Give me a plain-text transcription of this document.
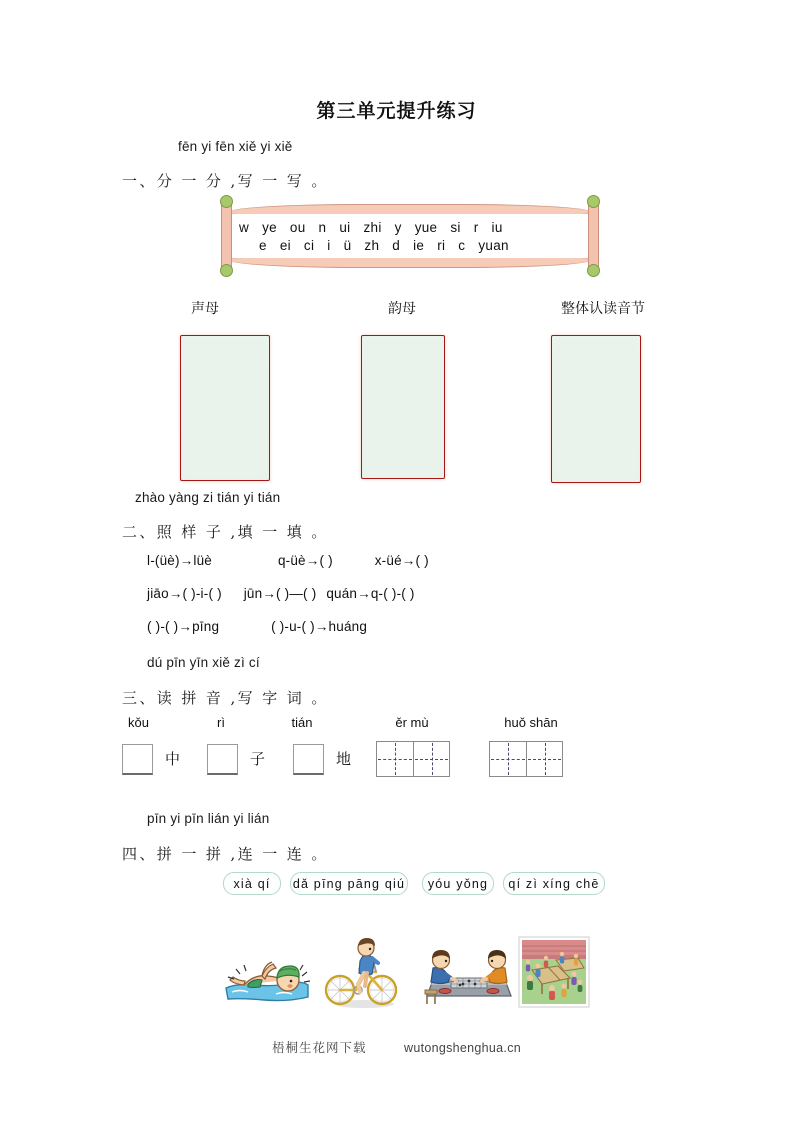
第三单元提升练习
fēn yi fēn xiě yi xiě
一、分 一 分 ,写 一 写 。
w ye ou n ui zhi y yue si r iu
e ei ci i ü zh d ie ri c yuan
声母	韵母	整体认读音节
zhào yàng zi tián yi tián
二、照 样 子 ,填 一 填 。
l-(üè)→lüè	q-üè→( )	x-üé→( )
jiāo→( )-i-( ) jūn→( )—( ) quán→q-( )-( )
( )-( )→pīng	( )-u-( )→huáng
dú pīn yīn xiě zì cí
三、读 拼 音 ,写 字 词 。
kǒu	rì	tián	ěr mù	huǒ shān
中	子	地
pīn yi pīn lián yi lián
四、拼 一 拼 ,连 一 连 。
xià qí	dǎ pīng pāng qiú	yóu yǒng	qí zì xíng chē
梧桐生花网下载	wutongshenghua.cn
